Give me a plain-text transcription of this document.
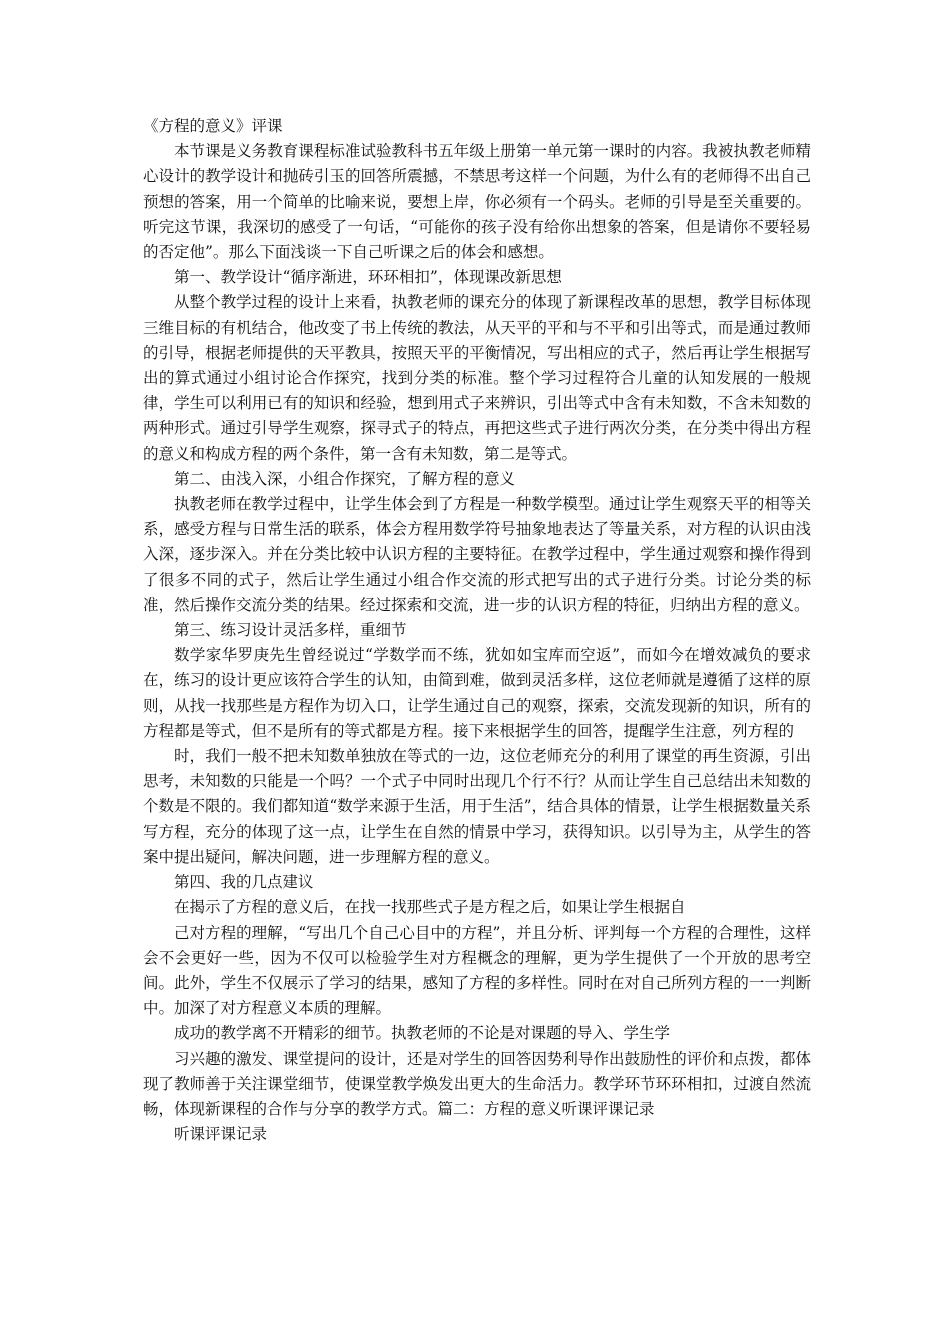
《方程的意义》评课

本节课是义务教育课程标准试验教科书五年级上册第一单元第一课时的内容。我被执教老师精心设计的教学设计和抛砖引玉的回答所震撼，不禁思考这样一个问题，为什么有的老师得不出自己预想的答案，用一个简单的比喻来说，要想上岸，你必须有一个码头。老师的引导是至关重要的。听完这节课，我深切的感受了一句话，“可能你的孩子没有给你出想象的答案，但是请你不要轻易的否定他”。那么下面浅谈一下自己听课之后的体会和感想。

第一、教学设计“循序渐进，环环相扣”，体现课改新思想

从整个教学过程的设计上来看，执教老师的课充分的体现了新课程改革的思想，教学目标体现三维目标的有机结合，他改变了书上传统的教法，从天平的平和与不平和引出等式，而是通过教师的引导，根据老师提供的天平教具，按照天平的平衡情况，写出相应的式子，然后再让学生根据写出的算式通过小组讨论合作探究，找到分类的标准。整个学习过程符合儿童的认知发展的一般规律，学生可以利用已有的知识和经验，想到用式子来辨识，引出等式中含有未知数，不含未知数的两种形式。通过引导学生观察，探寻式子的特点，再把这些式子进行两次分类，在分类中得出方程的意义和构成方程的两个条件，第一含有未知数，第二是等式。

第二、由浅入深，小组合作探究，了解方程的意义

执教老师在教学过程中，让学生体会到了方程是一种数学模型。通过让学生观察天平的相等关系，感受方程与日常生活的联系，体会方程用数学符号抽象地表达了等量关系，对方程的认识由浅入深，逐步深入。并在分类比较中认识方程的主要特征。在教学过程中，学生通过观察和操作得到了很多不同的式子，然后让学生通过小组合作交流的形式把写出的式子进行分类。讨论分类的标准，然后操作交流分类的结果。经过探索和交流，进一步的认识方程的特征，归纳出方程的意义。

第三、练习设计灵活多样，重细节

数学家华罗庚先生曾经说过“学数学而不练，犹如如宝库而空返”，而如今在增效减负的要求在，练习的设计更应该符合学生的认知，由简到难，做到灵活多样，这位老师就是遵循了这样的原则，从找一找那些是方程作为切入口，让学生通过自己的观察，探索，交流发现新的知识，所有的方程都是等式，但不是所有的等式都是方程。接下来根据学生的回答，提醒学生注意，列方程的

时，我们一般不把未知数单独放在等式的一边，这位老师充分的利用了课堂的再生资源，引出思考，未知数的只能是一个吗？一个式子中同时出现几个行不行？从而让学生自己总结出未知数的个数是不限的。我们都知道“数学来源于生活，用于生活”，结合具体的情景，让学生根据数量关系写方程，充分的体现了这一点，让学生在自然的情景中学习，获得知识。以引导为主，从学生的答案中提出疑问，解决问题，进一步理解方程的意义。

第四、我的几点建议

在揭示了方程的意义后，在找一找那些式子是方程之后，如果让学生根据自

己对方程的理解，“写出几个自己心目中的方程”，并且分析、评判每一个方程的合理性，这样会不会更好一些，因为不仅可以检验学生对方程概念的理解，更为学生提供了一个开放的思考空间。此外，学生不仅展示了学习的结果，感知了方程的多样性。同时在对自己所列方程的一一判断中。加深了对方程意义本质的理解。

成功的教学离不开精彩的细节。执教老师的不论是对课题的导入、学生学

习兴趣的激发、课堂提问的设计，还是对学生的回答因势利导作出鼓励性的评价和点拨，都体现了教师善于关注课堂细节，使课堂教学焕发出更大的生命活力。教学环节环环相扣，过渡自然流畅，体现新课程的合作与分享的教学方式。篇二：方程的意义听课评课记录

听课评课记录
